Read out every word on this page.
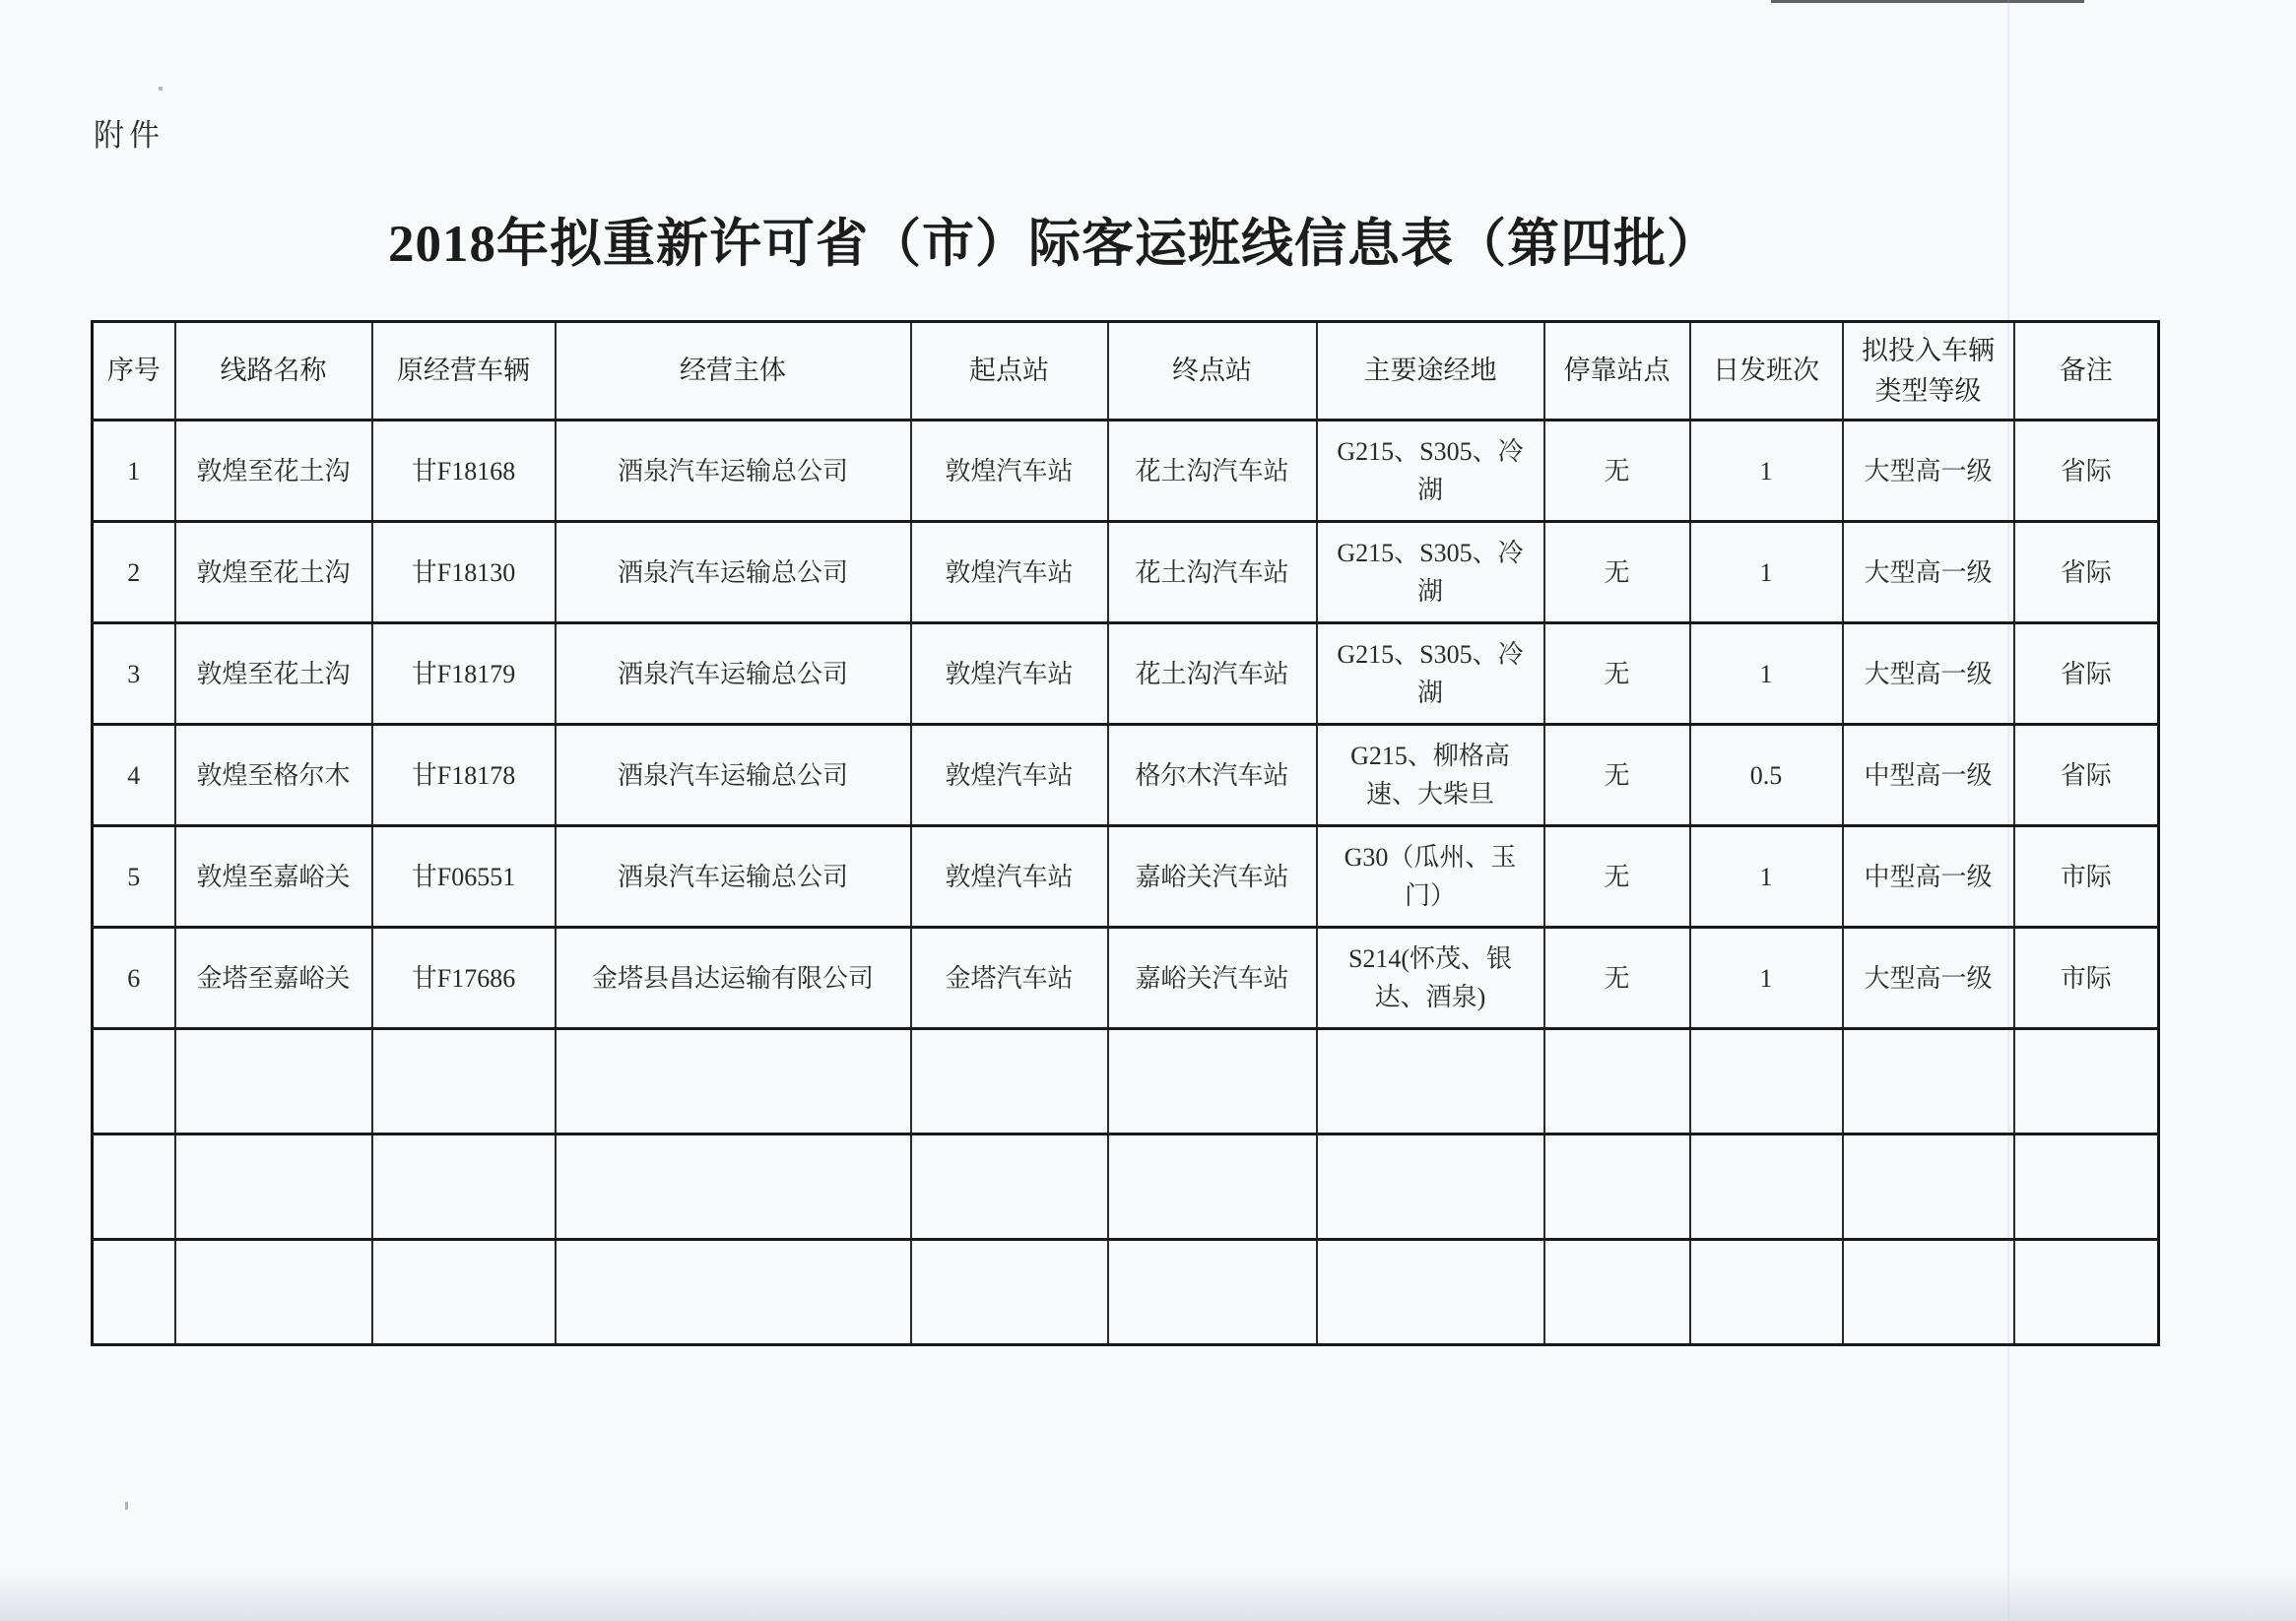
附件
2018年拟重新许可省（市）际客运班线信息表（第四批）
序号	线路名称	原经营车辆	经营主体	起点站	终点站	主要途经地	停靠站点	日发班次	拟投入车辆类型等级	备注
1	敦煌至花土沟	甘F18168	酒泉汽车运输总公司	敦煌汽车站	花土沟汽车站	G215、S305、冷湖	无	1	大型高一级	省际
2	敦煌至花土沟	甘F18130	酒泉汽车运输总公司	敦煌汽车站	花土沟汽车站	G215、S305、冷湖	无	1	大型高一级	省际
3	敦煌至花土沟	甘F18179	酒泉汽车运输总公司	敦煌汽车站	花土沟汽车站	G215、S305、冷湖	无	1	大型高一级	省际
4	敦煌至格尔木	甘F18178	酒泉汽车运输总公司	敦煌汽车站	格尔木汽车站	G215、柳格高速、大柴旦	无	0.5	中型高一级	省际
5	敦煌至嘉峪关	甘F06551	酒泉汽车运输总公司	敦煌汽车站	嘉峪关汽车站	G30（瓜州、玉门）	无	1	中型高一级	市际
6	金塔至嘉峪关	甘F17686	金塔县昌达运输有限公司	金塔汽车站	嘉峪关汽车站	S214(怀茂、银达、酒泉)	无	1	大型高一级	市际
